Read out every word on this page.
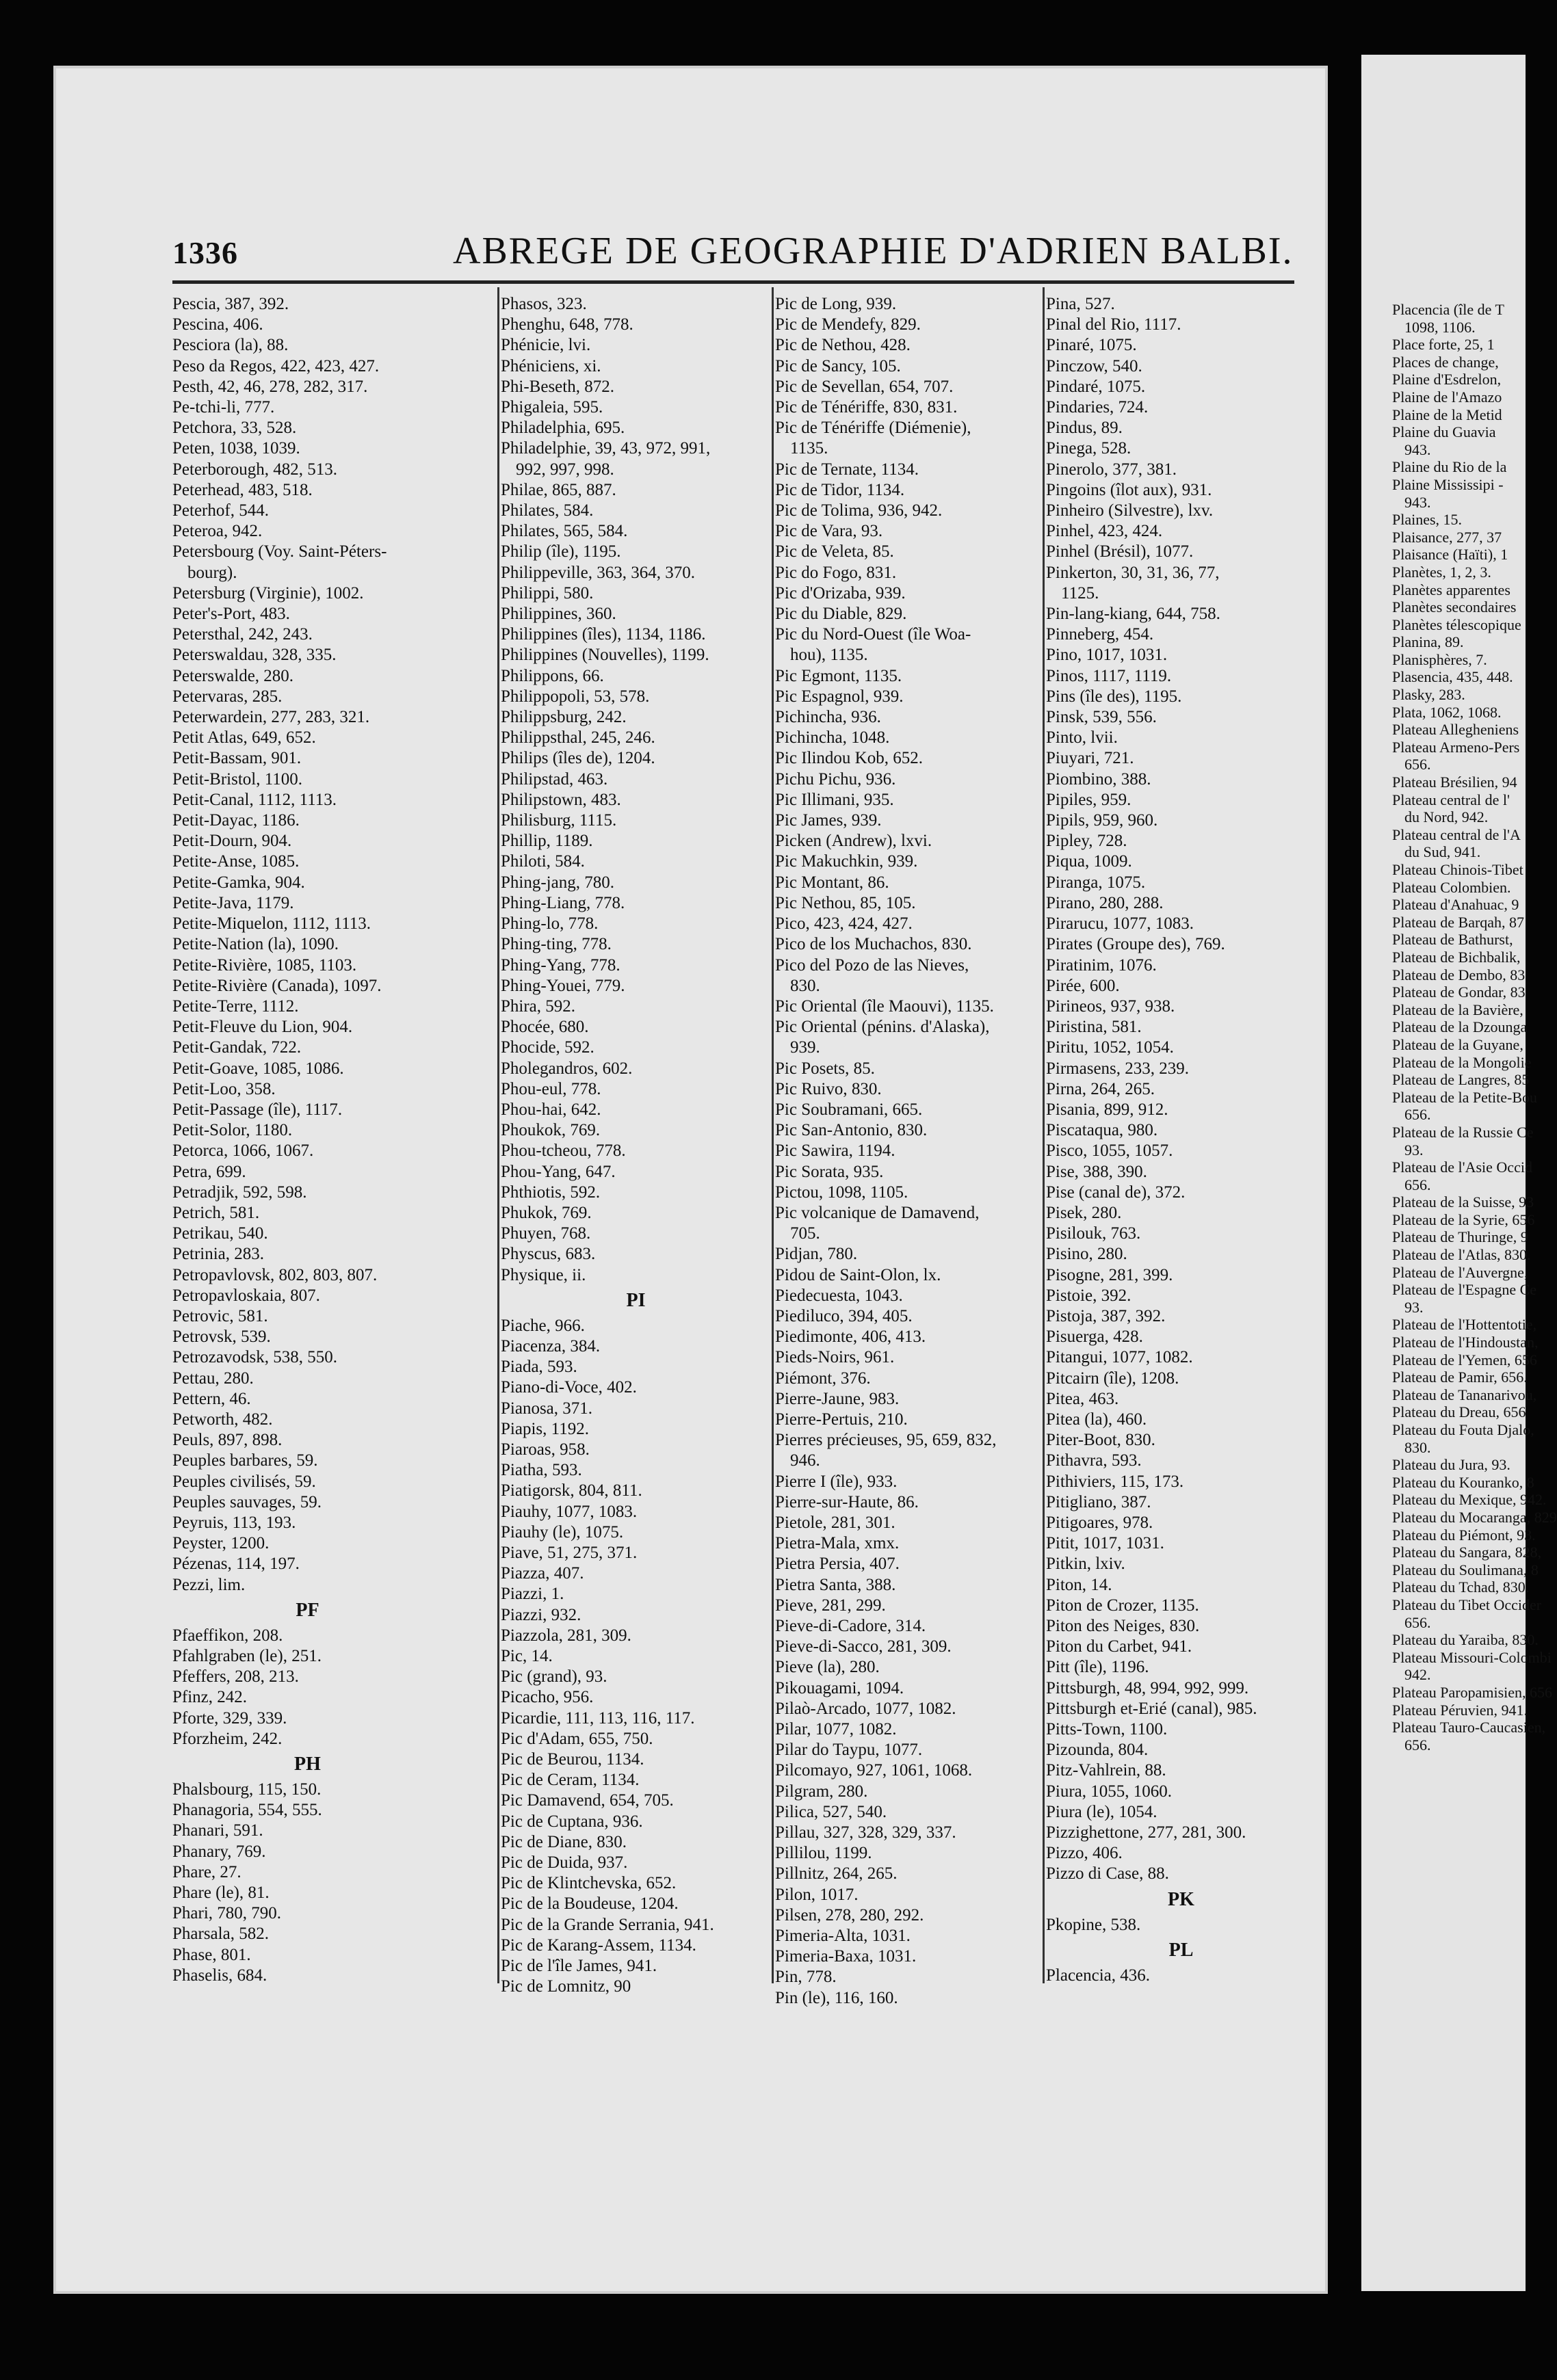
1336	ABREGE DE GEOGRAPHIE D'ADRIEN BALBI.
Pescia, 387, 392.
Pescina, 406.
Pesciora (la), 88.
Peso da Regos, 422, 423, 427.
Pesth, 42, 46, 278, 282, 317.
Pe-tchi-li, 777.
Petchora, 33, 528.
Peten, 1038, 1039.
Peterborough, 482, 513.
Peterhead, 483, 518.
Peterhof, 544.
Peteroa, 942.
Petersbourg (Voy. Saint-Péters-
bourg).
Petersburg (Virginie), 1002.
Peter's-Port, 483.
Petersthal, 242, 243.
Peterswaldau, 328, 335.
Peterswalde, 280.
Petervaras, 285.
Peterwardein, 277, 283, 321.
Petit Atlas, 649, 652.
Petit-Bassam, 901.
Petit-Bristol, 1100.
Petit-Canal, 1112, 1113.
Petit-Dayac, 1186.
Petit-Dourn, 904.
Petite-Anse, 1085.
Petite-Gamka, 904.
Petite-Java, 1179.
Petite-Miquelon, 1112, 1113.
Petite-Nation (la), 1090.
Petite-Rivière, 1085, 1103.
Petite-Rivière (Canada), 1097.
Petite-Terre, 1112.
Petit-Fleuve du Lion, 904.
Petit-Gandak, 722.
Petit-Goave, 1085, 1086.
Petit-Loo, 358.
Petit-Passage (île), 1117.
Petit-Solor, 1180.
Petorca, 1066, 1067.
Petra, 699.
Petradjik, 592, 598.
Petrich, 581.
Petrikau, 540.
Petrinia, 283.
Petropavlovsk, 802, 803, 807.
Petropavloskaia, 807.
Petrovic, 581.
Petrovsk, 539.
Petrozavodsk, 538, 550.
Pettau, 280.
Pettern, 46.
Petworth, 482.
Peuls, 897, 898.
Peuples barbares, 59.
Peuples civilisés, 59.
Peuples sauvages, 59.
Peyruis, 113, 193.
Peyster, 1200.
Pézenas, 114, 197.
Pezzi, lim.
PF
Pfaeffikon, 208.
Pfahlgraben (le), 251.
Pfeffers, 208, 213.
Pfinz, 242.
Pforte, 329, 339.
Pforzheim, 242.
PH
Phalsbourg, 115, 150.
Phanagoria, 554, 555.
Phanari, 591.
Phanary, 769.
Phare, 27.
Phare (le), 81.
Phari, 780, 790.
Pharsala, 582.
Phase, 801.
Phaselis, 684.
Phasos, 323.
Phenghu, 648, 778.
Phénicie, lvi.
Phéniciens, xi.
Phi-Beseth, 872.
Phigaleia, 595.
Philadelphia, 695.
Philadelphie, 39, 43, 972, 991,
992, 997, 998.
Philae, 865, 887.
Philates, 584.
Philates, 565, 584.
Philip (île), 1195.
Philippeville, 363, 364, 370.
Philippi, 580.
Philippines, 360.
Philippines (îles), 1134, 1186.
Philippines (Nouvelles), 1199.
Philippons, 66.
Philippopoli, 53, 578.
Philippsburg, 242.
Philippsthal, 245, 246.
Philips (îles de), 1204.
Philipstad, 463.
Philipstown, 483.
Philisburg, 1115.
Phillip, 1189.
Philoti, 584.
Phing-jang, 780.
Phing-Liang, 778.
Phing-lo, 778.
Phing-ting, 778.
Phing-Yang, 778.
Phing-Youei, 779.
Phira, 592.
Phocée, 680.
Phocide, 592.
Pholegandros, 602.
Phou-eul, 778.
Phou-hai, 642.
Phoukok, 769.
Phou-tcheou, 778.
Phou-Yang, 647.
Phthiotis, 592.
Phukok, 769.
Phuyen, 768.
Physcus, 683.
Physique, ii.
PI
Piache, 966.
Piacenza, 384.
Piada, 593.
Piano-di-Voce, 402.
Pianosa, 371.
Piapis, 1192.
Piaroas, 958.
Piatha, 593.
Piatigorsk, 804, 811.
Piauhy, 1077, 1083.
Piauhy (le), 1075.
Piave, 51, 275, 371.
Piazza, 407.
Piazzi, 1.
Piazzi, 932.
Piazzola, 281, 309.
Pic, 14.
Pic (grand), 93.
Picacho, 956.
Picardie, 111, 113, 116, 117.
Pic d'Adam, 655, 750.
Pic de Beurou, 1134.
Pic de Ceram, 1134.
Pic Damavend, 654, 705.
Pic de Cuptana, 936.
Pic de Diane, 830.
Pic de Duida, 937.
Pic de Klintchevska, 652.
Pic de la Boudeuse, 1204.
Pic de la Grande Serrania, 941.
Pic de Karang-Assem, 1134.
Pic de l'île James, 941.
Pic de Lomnitz, 90
Pic de Long, 939.
Pic de Mendefy, 829.
Pic de Nethou, 428.
Pic de Sancy, 105.
Pic de Sevellan, 654, 707.
Pic de Ténériffe, 830, 831.
Pic de Ténériffe (Diémenie),
1135.
Pic de Ternate, 1134.
Pic de Tidor, 1134.
Pic de Tolima, 936, 942.
Pic de Vara, 93.
Pic de Veleta, 85.
Pic do Fogo, 831.
Pic d'Orizaba, 939.
Pic du Diable, 829.
Pic du Nord-Ouest (île Woa-
hou), 1135.
Pic Egmont, 1135.
Pic Espagnol, 939.
Pichincha, 936.
Pichincha, 1048.
Pic Ilindou Kob, 652.
Pichu Pichu, 936.
Pic Illimani, 935.
Pic James, 939.
Picken (Andrew), lxvi.
Pic Makuchkin, 939.
Pic Montant, 86.
Pic Nethou, 85, 105.
Pico, 423, 424, 427.
Pico de los Muchachos, 830.
Pico del Pozo de las Nieves,
830.
Pic Oriental (île Maouvi), 1135.
Pic Oriental (pénins. d'Alaska),
939.
Pic Posets, 85.
Pic Ruivo, 830.
Pic Soubramani, 665.
Pic San-Antonio, 830.
Pic Sawira, 1194.
Pic Sorata, 935.
Pictou, 1098, 1105.
Pic volcanique de Damavend,
705.
Pidjan, 780.
Pidou de Saint-Olon, lx.
Piedecuesta, 1043.
Piediluco, 394, 405.
Piedimonte, 406, 413.
Pieds-Noirs, 961.
Piémont, 376.
Pierre-Jaune, 983.
Pierre-Pertuis, 210.
Pierres précieuses, 95, 659, 832,
946.
Pierre I (île), 933.
Pierre-sur-Haute, 86.
Pietole, 281, 301.
Pietra-Mala, xmx.
Pietra Persia, 407.
Pietra Santa, 388.
Pieve, 281, 299.
Pieve-di-Cadore, 314.
Pieve-di-Sacco, 281, 309.
Pieve (la), 280.
Pikouagami, 1094.
Pilaò-Arcado, 1077, 1082.
Pilar, 1077, 1082.
Pilar do Taypu, 1077.
Pilcomayo, 927, 1061, 1068.
Pilgram, 280.
Pilica, 527, 540.
Pillau, 327, 328, 329, 337.
Pillilou, 1199.
Pillnitz, 264, 265.
Pilon, 1017.
Pilsen, 278, 280, 292.
Pimeria-Alta, 1031.
Pimeria-Baxa, 1031.
Pin, 778.
Pin (le), 116, 160.
Pina, 527.
Pinal del Rio, 1117.
Pinaré, 1075.
Pinczow, 540.
Pindaré, 1075.
Pindaries, 724.
Pindus, 89.
Pinega, 528.
Pinerolo, 377, 381.
Pingoins (îlot aux), 931.
Pinheiro (Silvestre), lxv.
Pinhel, 423, 424.
Pinhel (Brésil), 1077.
Pinkerton, 30, 31, 36, 77,
1125.
Pin-lang-kiang, 644, 758.
Pinneberg, 454.
Pino, 1017, 1031.
Pinos, 1117, 1119.
Pins (île des), 1195.
Pinsk, 539, 556.
Pinto, lvii.
Piuyari, 721.
Piombino, 388.
Pipiles, 959.
Pipils, 959, 960.
Pipley, 728.
Piqua, 1009.
Piranga, 1075.
Pirano, 280, 288.
Pirarucu, 1077, 1083.
Pirates (Groupe des), 769.
Piratinim, 1076.
Pirée, 600.
Pirineos, 937, 938.
Piristina, 581.
Piritu, 1052, 1054.
Pirmasens, 233, 239.
Pirna, 264, 265.
Pisania, 899, 912.
Piscataqua, 980.
Pisco, 1055, 1057.
Pise, 388, 390.
Pise (canal de), 372.
Pisek, 280.
Pisilouk, 763.
Pisino, 280.
Pisogne, 281, 399.
Pistoie, 392.
Pistoja, 387, 392.
Pisuerga, 428.
Pitangui, 1077, 1082.
Pitcairn (île), 1208.
Pitea, 463.
Pitea (la), 460.
Piter-Boot, 830.
Pithavra, 593.
Pithiviers, 115, 173.
Pitigliano, 387.
Pitigoares, 978.
Pitit, 1017, 1031.
Pitkin, lxiv.
Piton, 14.
Piton de Crozer, 1135.
Piton des Neiges, 830.
Piton du Carbet, 941.
Pitt (île), 1196.
Pittsburgh, 48, 994, 992, 999.
Pittsburgh et-Erié (canal), 985.
Pitts-Town, 1100.
Pizounda, 804.
Pitz-Vahlrein, 88.
Piura, 1055, 1060.
Piura (le), 1054.
Pizzighettone, 277, 281, 300.
Pizzo, 406.
Pizzo di Case, 88.
PK
Pkopine, 538.
PL
Placencia, 436.
Placencia (île de T
1098, 1106.
Place forte, 25, 1
Places de change,
Plaine d'Esdrelon,
Plaine de l'Amazo
Plaine de la Metid
Plaine du Guavia
943.
Plaine du Rio de la
Plaine Mississipi -
943.
Plaines, 15.
Plaisance, 277, 37
Plaisance (Haïti), 1
Planètes, 1, 2, 3.
Planètes apparentes
Planètes secondaires
Planètes télescopique
Planina, 89.
Planisphères, 7.
Plasencia, 435, 448.
Plasky, 283.
Plata, 1062, 1068.
Plateau Allegheniens
Plateau Armeno-Pers
656.
Plateau Brésilien, 94
Plateau central de l'
du Nord, 942.
Plateau central de l'A
du Sud, 941.
Plateau Chinois-Tibet
Plateau Colombien.
Plateau d'Anahuac, 9
Plateau de Barqah, 87
Plateau de Bathurst,
Plateau de Bichbalik,
Plateau de Dembo, 83
Plateau de Gondar, 83
Plateau de la Bavière,
Plateau de la Dzounga
Plateau de la Guyane,
Plateau de la Mongolie
Plateau de Langres, 85
Plateau de la Petite-Bou
656.
Plateau de la Russie Ce
93.
Plateau de l'Asie Occid
656.
Plateau de la Suisse, 93
Plateau de la Syrie, 656
Plateau de Thuringe, 9
Plateau de l'Atlas, 830.
Plateau de l'Auvergne,
Plateau de l'Espagne Ce
93.
Plateau de l'Hottentotie,
Plateau de l'Hindoustan,
Plateau de l'Yemen, 656
Plateau de Pamir, 656.
Plateau de Tananarivou,
Plateau du Dreau, 656
Plateau du Fouta Djalo,
830.
Plateau du Jura, 93.
Plateau du Kouranko, 8
Plateau du Mexique, 942.
Plateau du Mocaranga, 829
Plateau du Piémont, 93.
Plateau du Sangara, 828,
Plateau du Soulimana, 8
Plateau du Tchad, 830.
Plateau du Tibet Occider
656.
Plateau du Yaraiba, 830.
Plateau Missouri-Colombi
942.
Plateau Paropamisien, 656
Plateau Péruvien, 941.
Plateau Tauro-Caucasien,
656.
